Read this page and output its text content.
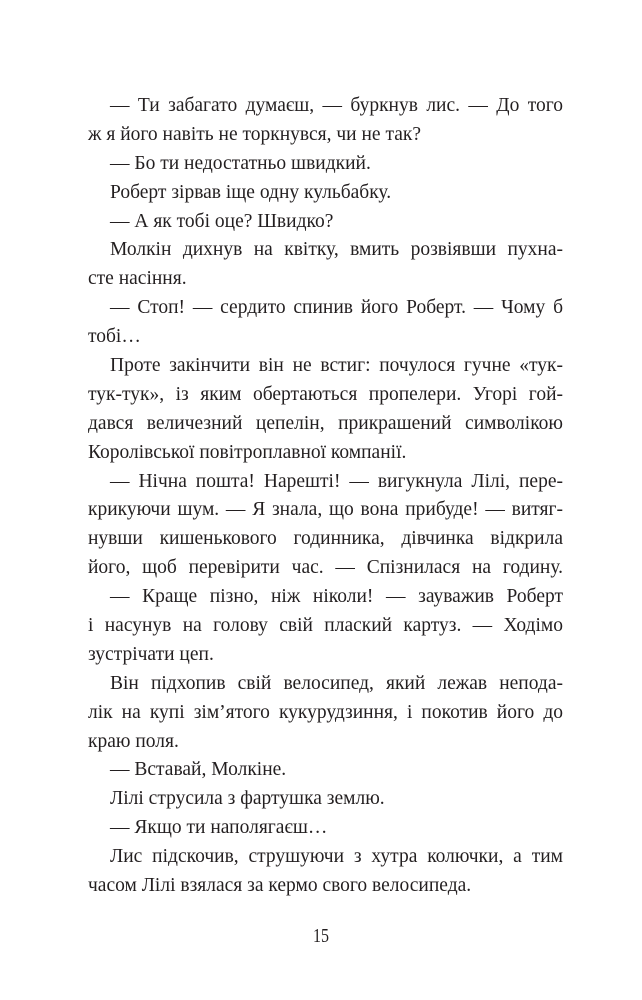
— Ти забагато думаєш, — буркнув лис. — До того
ж я його навіть не торкнувся, чи не так?
— Бо ти недостатньо швидкий.
Роберт зірвав іще одну кульбабку.
— А як тобі оце? Швидко?
Молкін дихнув на квітку, вмить розвіявши пухна-
сте насіння.
— Стоп! — сердито спинив його Роберт. — Чому б
тобі…
Проте закінчити він не встиг: почулося гучне «тук-
тук-тук», із яким обертаються пропелери. Угорі гой-
дався величезний цепелін, прикрашений символікою
Королівської повітроплавної компанії.
— Нічна пошта! Нарешті! — вигукнула Лілі, пере-
крикуючи шум. — Я знала, що вона прибуде! — витяг-
нувши кишенькового годинника, дівчинка відкрила
його, щоб перевірити час. — Спізнилася на годину.
— Краще пізно, ніж ніколи! — зауважив Роберт
і насунув на голову свій плаский картуз. — Ходімо
зустрічати цеп.
Він підхопив свій велосипед, який лежав непода-
лік на купі зім’ятого кукурудзиння, і покотив його до
краю поля.
— Вставай, Молкіне.
Лілі струсила з фартушка землю.
— Якщо ти наполягаєш…
Лис підскочив, струшуючи з хутра колючки, а тим
часом Лілі взялася за кермо свого велосипеда.
15
